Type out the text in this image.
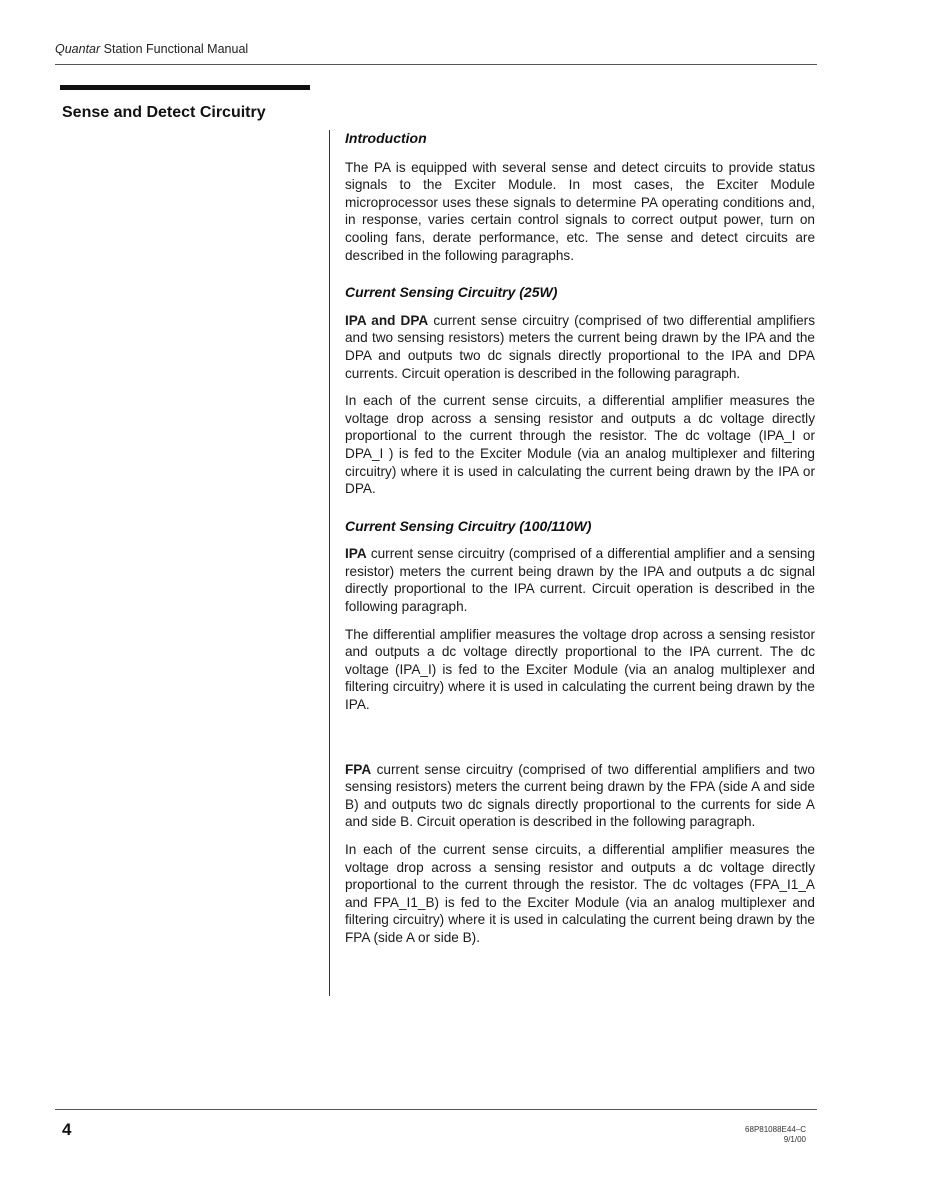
Quantar Station Functional Manual
Sense and Detect Circuitry
Introduction

The PA is equipped with several sense and detect circuits to provide status signals to the Exciter Module. In most cases, the Exciter Module microprocessor uses these signals to determine PA operating conditions and, in response, varies certain control signals to correct output power, turn on cooling fans, derate performance, etc. The sense and detect circuits are described in the following paragraphs.

Current Sensing Circuitry (25W)

IPA and DPA current sense circuitry (comprised of two differential amplifiers and two sensing resistors) meters the current being drawn by the IPA and the DPA and outputs two dc signals directly proportional to the IPA and DPA currents. Circuit operation is described in the following paragraph.

In each of the current sense circuits, a differential amplifier measures the voltage drop across a sensing resistor and outputs a dc voltage directly proportional to the current through the resistor. The dc voltage (IPA_I or DPA_I ) is fed to the Exciter Module (via an analog multiplexer and filtering circuitry) where it is used in calculating the current being drawn by the IPA or DPA.

Current Sensing Circuitry (100/110W)

IPA current sense circuitry (comprised of a differential amplifier and a sensing resistor) meters the current being drawn by the IPA and outputs a dc signal directly proportional to the IPA current. Circuit operation is described in the following paragraph.

The differential amplifier measures the voltage drop across a sensing resistor and outputs a dc voltage directly proportional to the IPA current. The dc voltage (IPA_I) is fed to the Exciter Module (via an analog multiplexer and filtering circuitry) where it is used in calculating the current being drawn by the IPA.

FPA current sense circuitry (comprised of two differential amplifiers and two sensing resistors) meters the current being drawn by the FPA (side A and side B) and outputs two dc signals directly proportional to the currents for side A and side B. Circuit operation is described in the following paragraph.

In each of the current sense circuits, a differential amplifier measures the voltage drop across a sensing resistor and outputs a dc voltage directly proportional to the current through the resistor. The dc voltages (FPA_I1_A and FPA_I1_B) is fed to the Exciter Module (via an analog multiplexer and filtering circuitry) where it is used in calculating the current being drawn by the FPA (side A or side B).

4	68P81088E44–C
9/1/00
